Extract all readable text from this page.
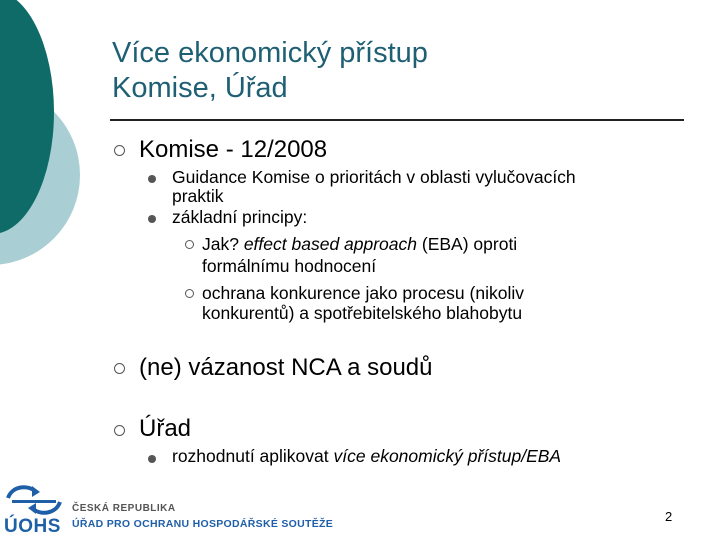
Více ekonomický přístup
Komise, Úřad
Komise - 12/2008
Guidance Komise o prioritách v oblasti vylučovacích
praktik
základní principy:
Jak? effect based approach (EBA) oproti
formálnímu hodnocení
ochrana konkurence jako procesu (nikoliv
konkurentů) a spotřebitelského blahobytu
(ne) vázanost NCA a soudů
Úřad
rozhodnutí aplikovat více ekonomický přístup/EBA
ÚOHS
ČESKÁ REPUBLIKA
ÚŘAD PRO OCHRANU HOSPODÁŘSKÉ SOUTĚŽE	2
